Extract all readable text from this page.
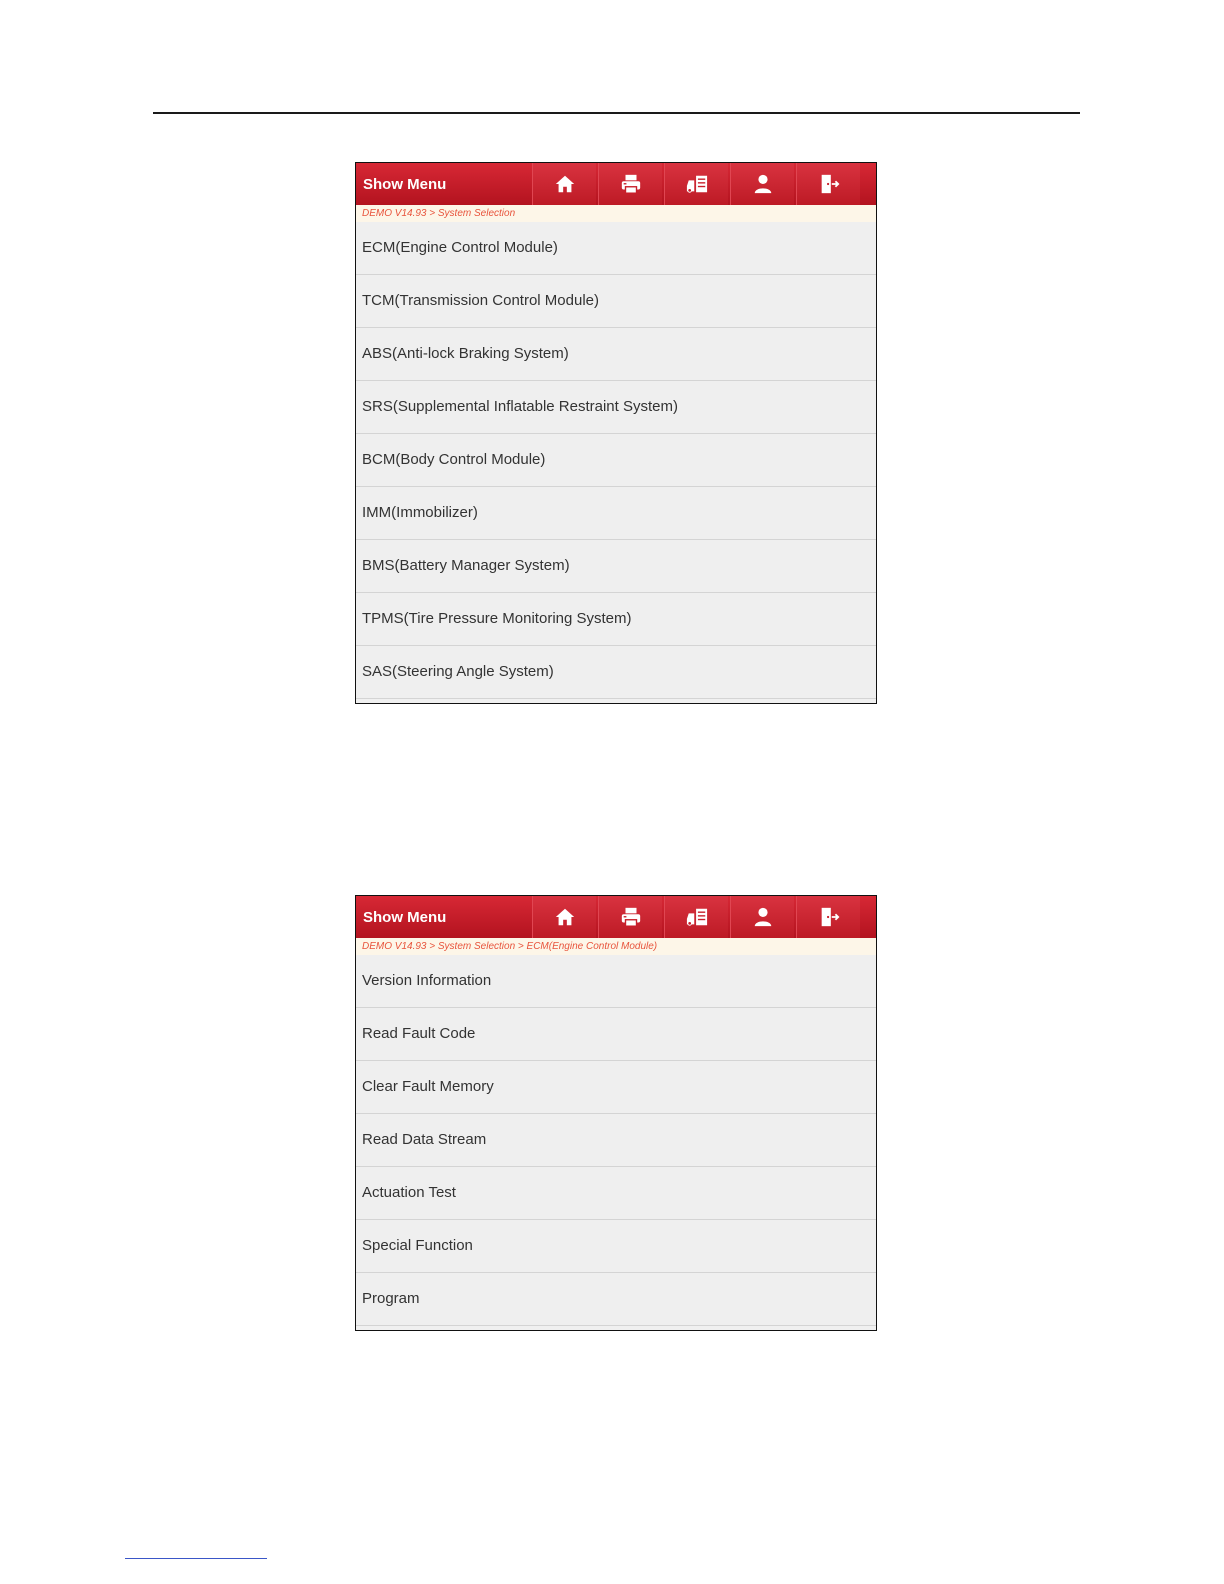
Show Menu
DEMO V14.93 > System Selection
ECM(Engine Control Module)
TCM(Transmission Control Module)
ABS(Anti-lock Braking System)
SRS(Supplemental Inflatable Restraint System)
BCM(Body Control Module)
IMM(Immobilizer)
BMS(Battery Manager System)
TPMS(Tire Pressure Monitoring System)
SAS(Steering Angle System)
Show Menu
DEMO V14.93 > System Selection > ECM(Engine Control Module)
Version Information
Read Fault Code
Clear Fault Memory
Read Data Stream
Actuation Test
Special Function
Program
